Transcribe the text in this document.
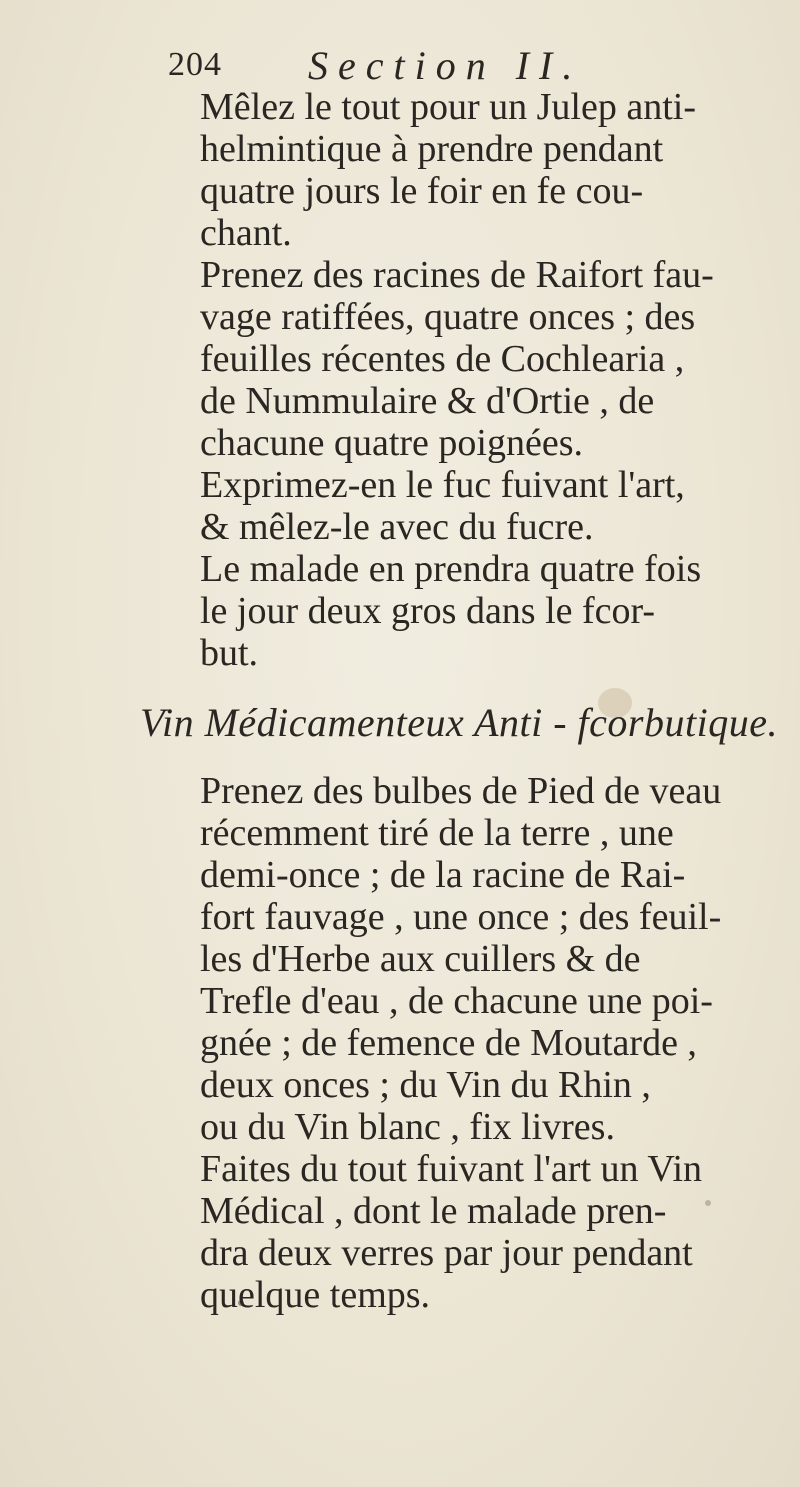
204 Section II.

Mêlez le tout pour un Julep anti-
helmintique à prendre pendant
quatre jours le foir en fe cou-
chant.

Prenez des racines de Raifort fau-
vage ratiffées, quatre onces ; des
feuilles récentes de Cochlearia ,
de Nummulaire & d'Ortie , de
chacune quatre poignées.

Exprimez-en le fuc fuivant l'art,
& mêlez-le avec du fucre.

Le malade en prendra quatre fois
le jour deux gros dans le fcor-
but.

Vin Médicamenteux Anti - fcorbutique.

Prenez des bulbes de Pied de veau
récemment tiré de la terre , une
demi-once ; de la racine de Rai-
fort fauvage , une once ; des feuil-
les d'Herbe aux cuillers & de
Trefle d'eau , de chacune une poi-
gnée ; de femence de Moutarde ,
deux onces ; du Vin du Rhin ,
ou du Vin blanc , fix livres.

Faites du tout fuivant l'art un Vin
Médical , dont le malade pren-
dra deux verres par jour pendant
quelque temps.
